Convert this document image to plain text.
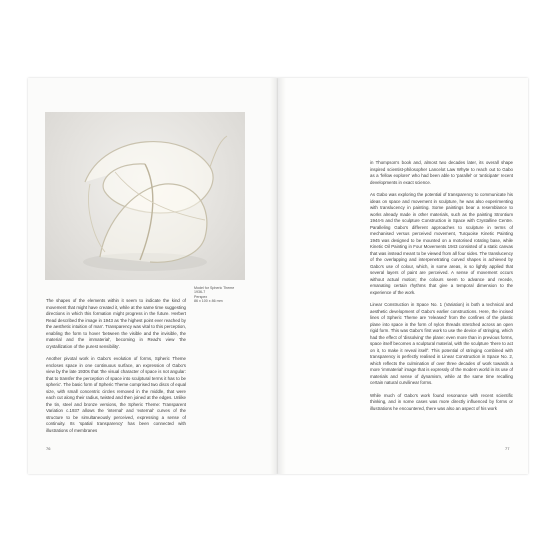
Model for Spheric Theme
1936-7
Perspex
86 x 100 x 86 mm

The shapes of the elements within it seem to indicate the kind of movement that might have created it, while at the same time suggesting directions in which this formation might progress in the future. Herbert Read described the image in 1943 as 'the highest point ever reached by the aesthetic intuition of man'. Transparency was vital to this perception, enabling the form to hover 'between the visible and the invisible, the material and the immaterial', becoming in Read's view 'the crystallization of the purest sensibility'.

Another pivotal work in Gabo's evolution of forms, Spheric Theme encloses space in one continuous surface, an expression of Gabo's view by the late 1930s that 'the visual character of space is not angular: that to transfer the perception of space into sculptural terms it has to be spheric'. The basic form of Spheric Theme comprised two discs of equal size, with small concentric circles removed in the middle, that were each cut along their radius, twisted and then joined at the edges. Unlike the tin, steel and bronze versions, the Spheric Theme: Transparent Variation c.1937 allows the 'internal' and 'external' curves of the structure to be simultaneously perceived, expressing a sense of continuity. Its 'spatial transparency' has been connected with illustrations of membranes

in Thompson's book and, almost two decades later, its overall shape inspired scientist-philosopher Lancelot Law Whyte to reach out to Gabo as a 'fellow explorer' who had been able to 'parallel' or 'anticipate' recent developments in exact science.

As Gabo was exploring the potential of transparency to communicate his ideas on space and movement in sculpture, he was also experimenting with translucency in painting. Some paintings bear a resemblance to works already made in other materials, such as the painting Strontium 1944-5 and the sculpture Construction in Space with Crystalline Centre. Paralleling Gabo's different approaches to sculpture in terms of mechanised versus perceived movement, Turquoise Kinetic Painting 1945 was designed to be mounted on a motorised rotating base, while Kinetic Oil Painting in Four Movements 1943 consisted of a static canvas that was instead meant to be viewed from all four sides. The translucency of the overlapping and interpenetrating curved shapes is achieved by Gabo's use of colour, which, in some areas, is so lightly applied that several layers of paint are perceived. A sense of movement occurs without actual motion; the colours seem to advance and recede, emanating certain rhythms that give a temporal dimension to the experience of the work.

Linear Construction in Space No. 1 (Variation) is both a technical and aesthetic development of Gabo's earlier constructions. Here, the incised lines of Spheric Theme are 'released' from the confines of the plastic plane into space in the form of nylon threads stretched across an open rigid form. This was Gabo's first work to use the device of stringing, which had the effect of 'dissolving' the plane: even more than in previous forms, space itself becomes a sculptural material, with the sculpture 'there to act on it, to make it reveal itself'. This potential of stringing combined with transparency is perfectly realised in Linear Construction in Space No. 2, which reflects the culmination of over three decades of work towards a more 'immaterial' image that is expressly of the modern world in its use of materials and sense of dynamism, while at the same time recalling certain natural curvilinear forms.

While much of Gabo's work found resonance with recent scientific thinking, and in some cases was more directly influenced by forms or illustrations he encountered, there was also an aspect of his work

76	77
